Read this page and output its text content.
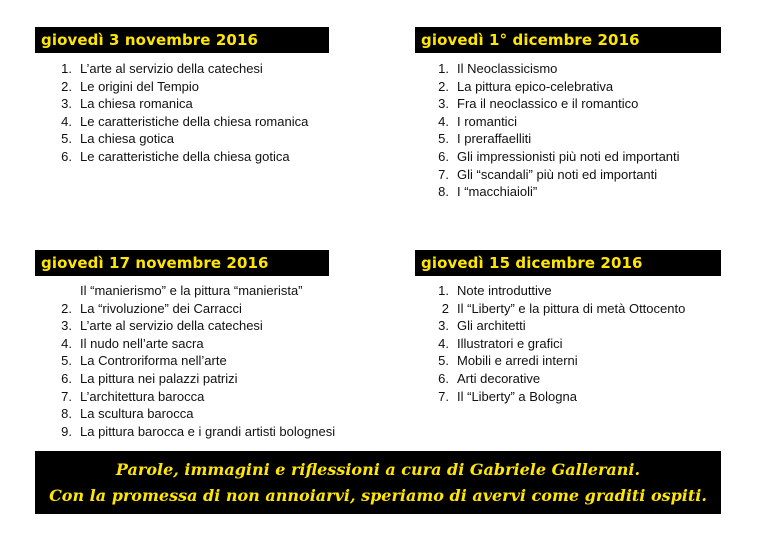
giovedì 3 novembre 2016
1. L’arte al servizio della catechesi
2. Le origini del Tempio
3. La chiesa romanica
4. Le caratteristiche della chiesa romanica
5. La chiesa gotica
6. Le caratteristiche della chiesa gotica
giovedì 1° dicembre 2016
1. Il Neoclassicismo
2. La pittura epico-celebrativa
3. Fra il neoclassico e il romantico
4. I romantici
5. I preraffaelliti
6. Gli impressionisti più noti ed importanti
7. Gli “scandali” più noti ed importanti
8. I “macchiaioli”
giovedì 17 novembre 2016
Il “manierismo” e la pittura “manierista”
2. La “rivoluzione” dei Carracci
3. L’arte al servizio della catechesi
4. Il nudo nell’arte sacra
5. La Controriforma nell’arte
6. La pittura nei palazzi patrizi
7. L’architettura barocca
8. La scultura barocca
9. La pittura barocca e i grandi artisti bolognesi
giovedì 15 dicembre 2016
1. Note introduttive
2 Il “Liberty” e la pittura di metà Ottocento
3. Gli architetti
4. Illustratori e grafici
5. Mobili e arredi interni
6. Arti decorative
7. Il “Liberty” a Bologna
Parole, immagini e riflessioni a cura di Gabriele Gallerani.
Con la promessa di non annoiarvi, speriamo di avervi come graditi ospiti.
